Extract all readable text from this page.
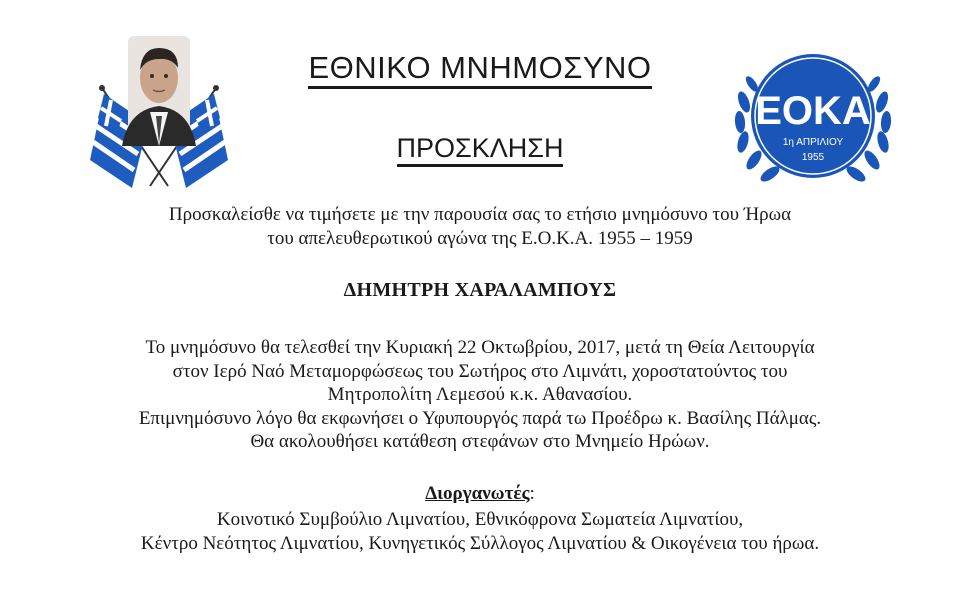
ΕΟΚΑ
1η ΑΠΡΙΛΙΟΥ
1955
ΕΘΝΙΚΟ ΜΝΗΜΟΣΥΝΟ
ΠΡΟΣΚΛΗΣΗ
Προσκαλείσθε να τιμήσετε με την παρουσία σας το ετήσιο μνημόσυνο του Ήρωα
του απελευθερωτικού αγώνα της Ε.Ο.Κ.Α. 1955 – 1959
ΔΗΜΗΤΡΗ ΧΑΡΑΛΑΜΠΟΥΣ
Το μνημόσυνο θα τελεσθεί την Κυριακή 22 Οκτωβρίου, 2017, μετά τη Θεία Λειτουργία
στον Ιερό Ναό Μεταμορφώσεως του Σωτήρος στο Λιμνάτι, χοροστατούντος του
Μητροπολίτη Λεμεσού κ.κ. Αθανασίου.
Επιμνημόσυνο λόγο θα εκφωνήσει ο Υφυπουργός παρά τω Προέδρω κ. Βασίλης Πάλμας.
Θα ακολουθήσει κατάθεση στεφάνων στο Μνημείο Ηρώων.
Διοργανωτές:
Κοινοτικό Συμβούλιο Λιμνατίου, Εθνικόφρονα Σωματεία Λιμνατίου,
Κέντρο Νεότητος Λιμνατίου, Κυνηγετικός Σύλλογος Λιμνατίου & Οικογένεια του ήρωα.
